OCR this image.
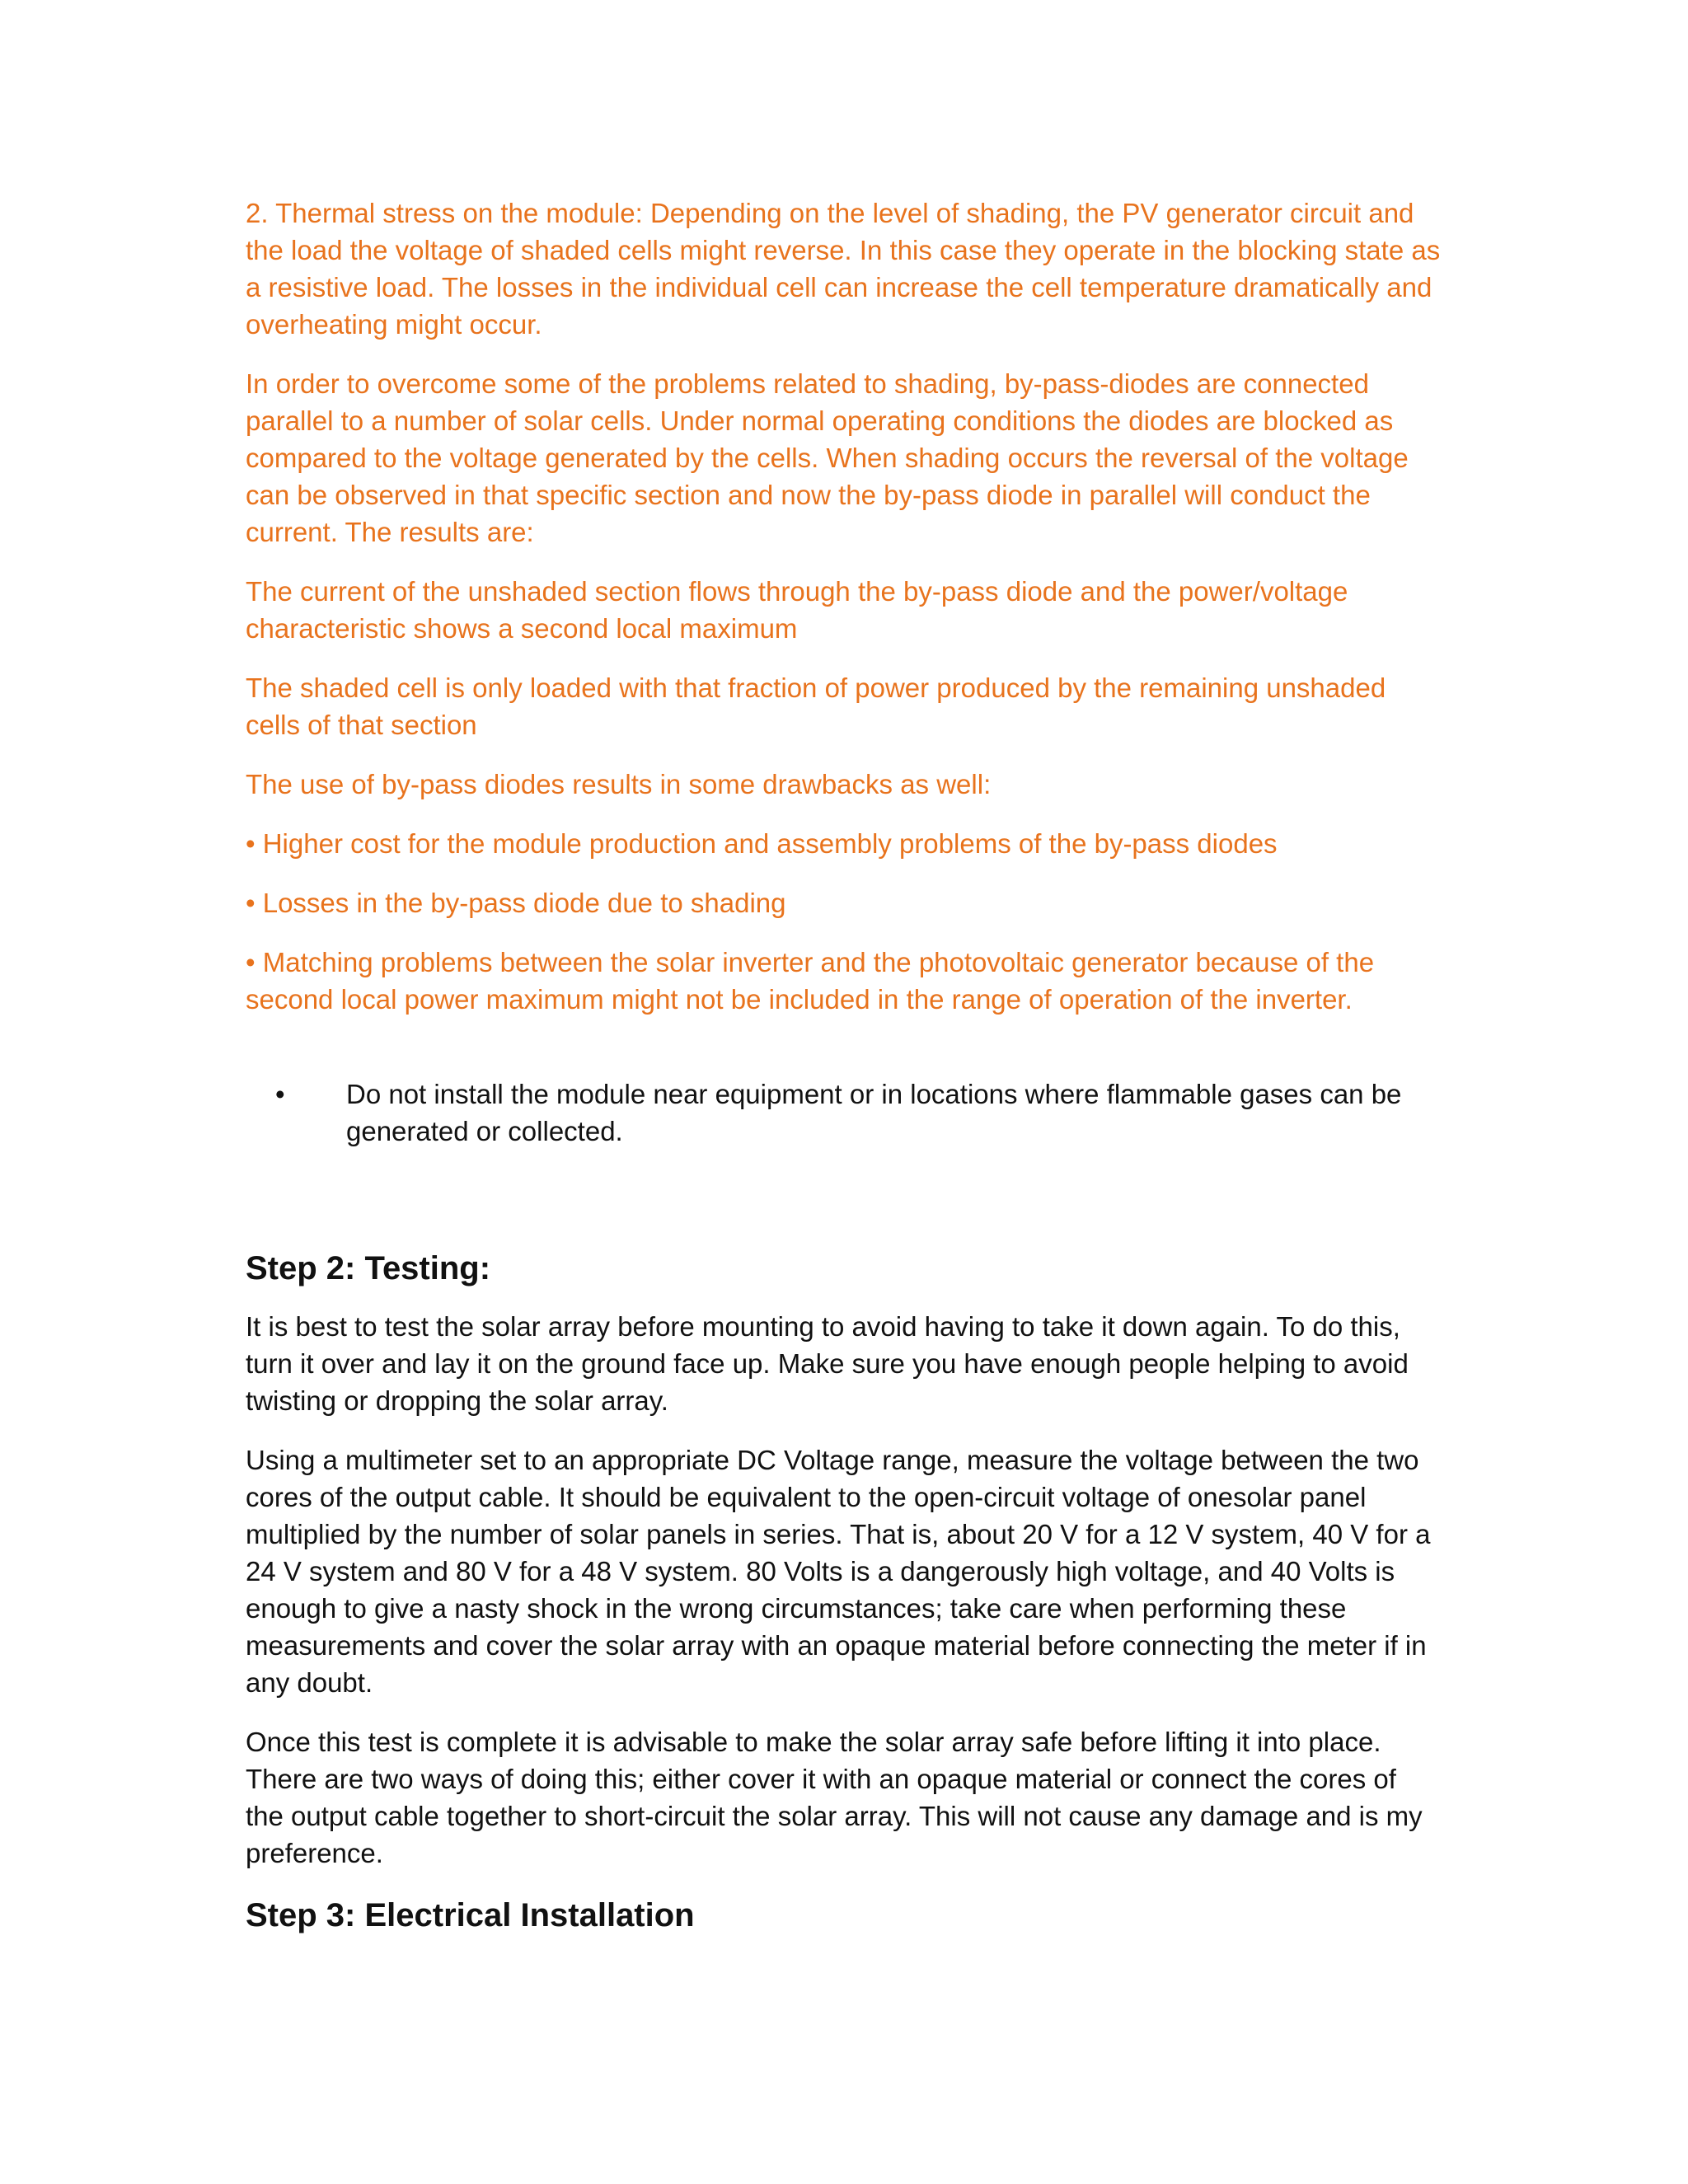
2. Thermal stress on the module: Depending on the level of shading, the PV generator circuit and the load the voltage of shaded cells might reverse. In this case they operate in the blocking state as a resistive load. The losses in the individual cell can increase the cell temperature dramatically and overheating might occur.

In order to overcome some of the problems related to shading, by-pass-diodes are connected parallel to a number of solar cells. Under normal operating conditions the diodes are blocked as compared to the voltage generated by the cells. When shading occurs the reversal of the voltage can be observed in that specific section and now the by-pass diode in parallel will conduct the current. The results are:

The current of the unshaded section flows through the by-pass diode and the power/voltage characteristic shows a second local maximum

The shaded cell is only loaded with that fraction of power produced by the remaining unshaded cells of that section

The use of by-pass diodes results in some drawbacks as well:

• Higher cost for the module production and assembly problems of the by-pass diodes

• Losses in the by-pass diode due to shading

• Matching problems between the solar inverter and the photovoltaic generator because of the second local power maximum might not be included in the range of operation of the inverter.

• Do not install the module near equipment or in locations where flammable gases can be generated or collected.
Step 2: Testing:

It is best to test the solar array before mounting to avoid having to take it down again. To do this, turn it over and lay it on the ground face up. Make sure you have enough people helping to avoid twisting or dropping the solar array.

Using a multimeter set to an appropriate DC Voltage range, measure the voltage between the two cores of the output cable. It should be equivalent to the open-circuit voltage of onesolar panel multiplied by the number of solar panels in series. That is, about 20 V for a 12 V system, 40 V for a 24 V system and 80 V for a 48 V system. 80 Volts is a dangerously high voltage, and 40 Volts is enough to give a nasty shock in the wrong circumstances; take care when performing these measurements and cover the solar array with an opaque material before connecting the meter if in any doubt.

Once this test is complete it is advisable to make the solar array safe before lifting it into place. There are two ways of doing this; either cover it with an opaque material or connect the cores of the output cable together to short-circuit the solar array. This will not cause any damage and is my preference.

Step 3: Electrical Installation
